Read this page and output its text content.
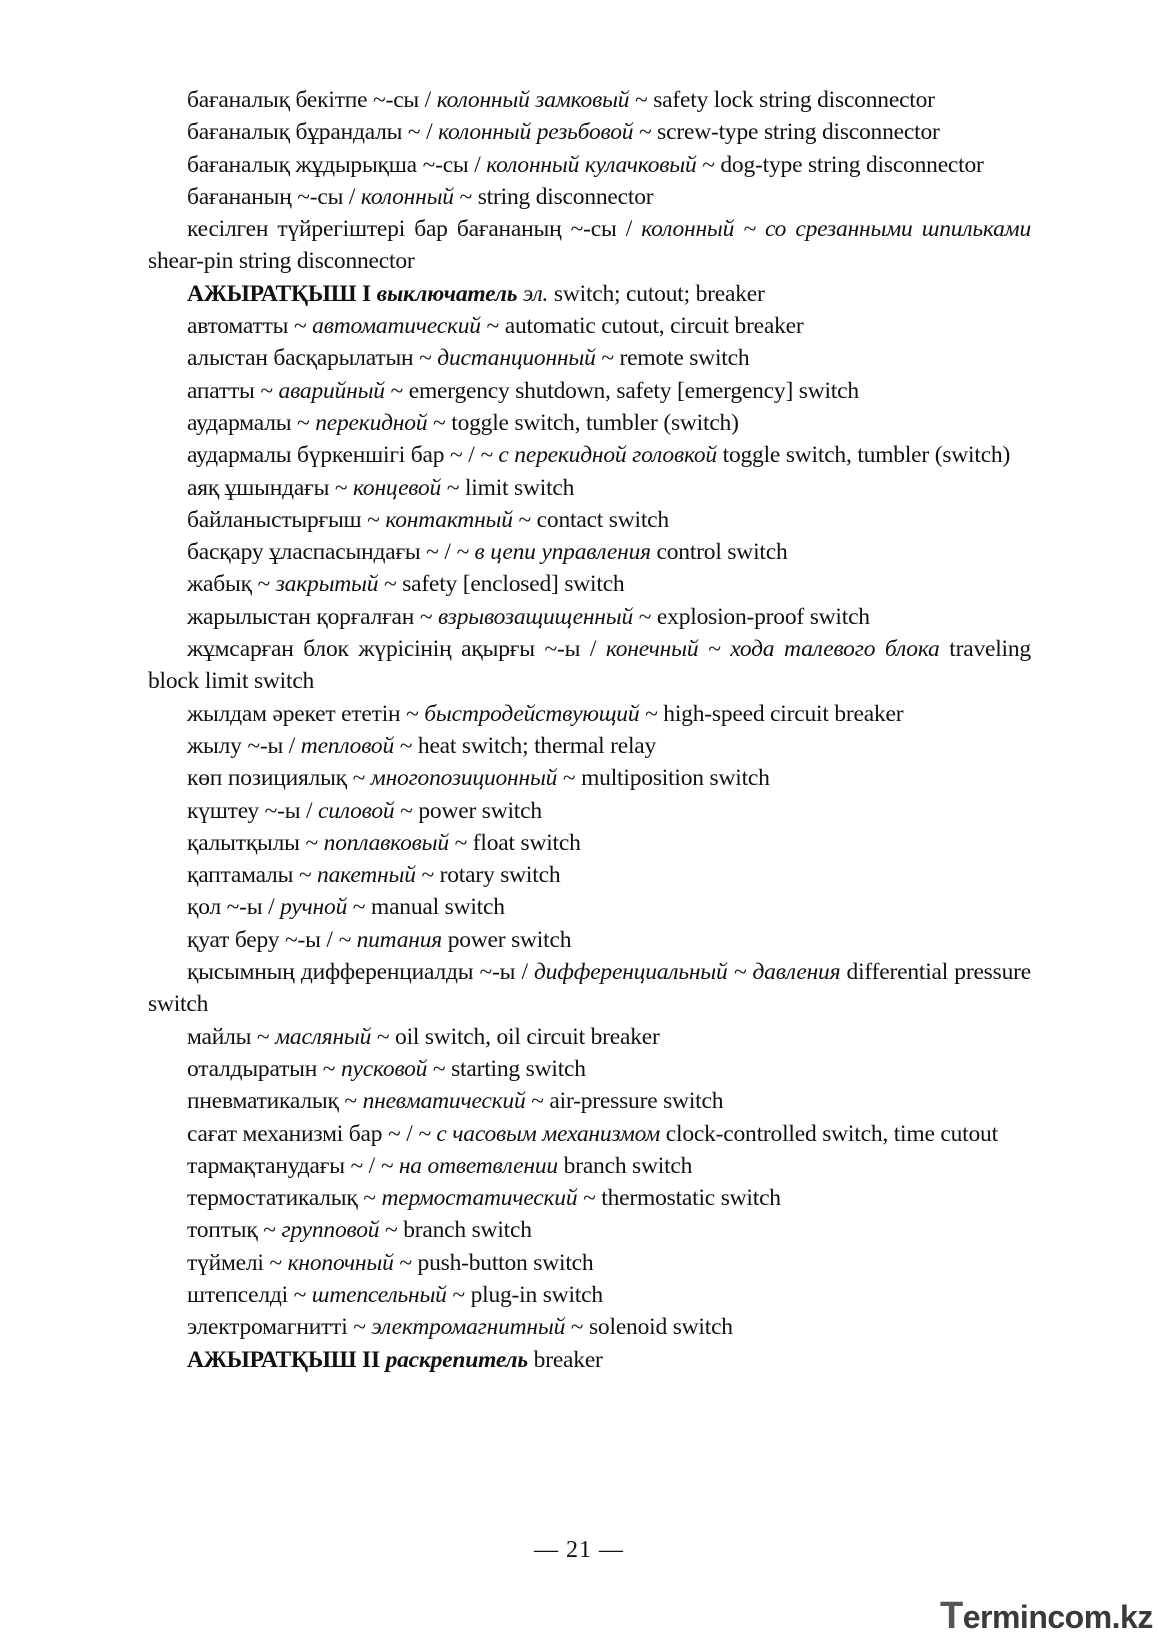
бағаналық бекітпе ~-сы / колонный замковый ~ safety lock string disconnector

бағаналық бұрандалы ~ / колонный резьбовой ~ screw-type string disconnector

бағаналық жұдырықша ~-сы / колонный кулачковый ~ dog-type string disconnector

бағананың ~-сы / колонный ~ string disconnector

кесілген түйрегіштері бар бағананың ~-сы / колонный ~ со срезанными шпильками shear-pin string disconnector

АЖЫРАТҚЫШ I выключатель эл. switch; cutout; breaker

автоматты ~ автоматический ~ automatic cutout, circuit breaker

алыстан басқарылатын ~ дистанционный ~ remote switch

апатты ~ аварийный ~ emergency shutdown, safety [emergency] switch

аудармалы ~ перекидной ~ toggle switch, tumbler (switch)

аудармалы бүркеншігі бар ~ / ~ с перекидной головкой toggle switch, tumbler (switch)

аяқ ұшындағы ~ концевой ~ limit switch

байланыстырғыш ~ контактный ~ contact switch

басқару ұласпасындағы ~ / ~ в цепи управления control switch

жабық ~ закрытый ~ safety [enclosed] switch

жарылыстан қорғалған ~ взрывозащищенный ~ explosion-proof switch

жұмсарған блок жүрісінің ақырғы ~-ы / конечный ~ хода талевого блока traveling block limit switch

жылдам әрекет ететін ~ быстродействующий ~ high-speed circuit breaker

жылу ~-ы / тепловой ~ heat switch; thermal relay

көп позициялық ~ многопозиционный ~ multiposition switch

күштеу ~-ы / силовой ~ power switch

қалытқылы ~ поплавковый ~ float switch

қаптамалы ~ пакетный ~ rotary switch

қол ~-ы / ручной ~ manual switch

қуат беру ~-ы / ~ питания power switch

қысымның дифференциалды ~-ы / дифференциальный ~ давления differential pressure switch

майлы ~ масляный ~ oil switch, oil circuit breaker

оталдыратын ~ пусковой ~ starting switch

пневматикалық ~ пневматический ~ air-pressure switch

сағат механизмі бар ~ / ~ с часовым механизмом clock-controlled switch, time cutout

тармақтанудағы ~ / ~ на ответвлении branch switch

термостатикалық ~ термостатический ~ thermostatic switch

топтық ~ групповой ~ branch switch

түймелі ~ кнопочный ~ push-button switch

штепселді ~ штепсельный ~ plug-in switch

электромагнитті ~ электромагнитный ~ solenoid switch

АЖЫРАТҚЫШ II раскрепитель breaker

— 21 —
Termincom.kz
